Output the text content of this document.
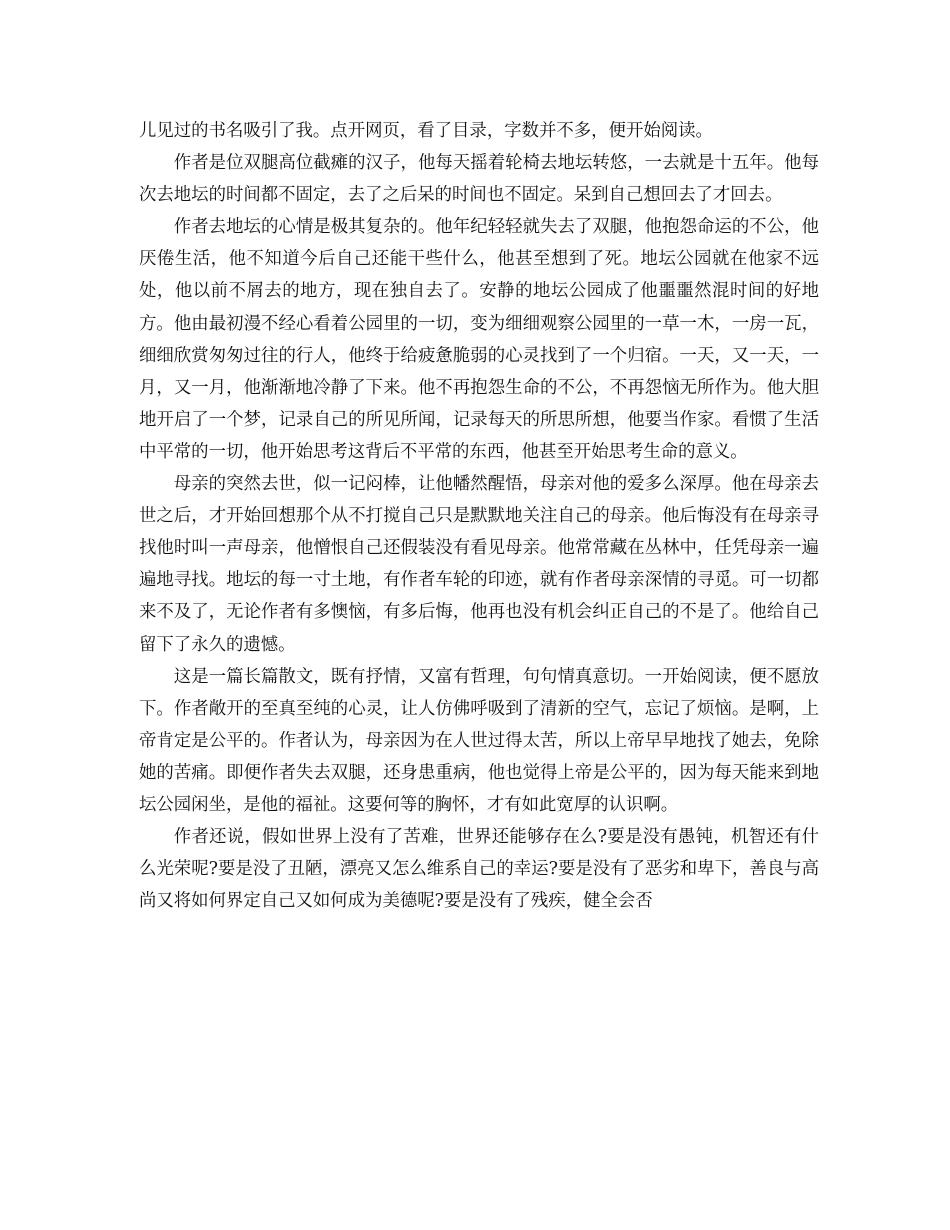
儿见过的书名吸引了我。点开网页，看了目录，字数并不多，便开始阅读。

作者是位双腿高位截瘫的汉子，他每天摇着轮椅去地坛转悠，一去就是十五年。他每次去地坛的时间都不固定，去了之后呆的时间也不固定。呆到自己想回去了才回去。

作者去地坛的心情是极其复杂的。他年纪轻轻就失去了双腿，他抱怨命运的不公，他厌倦生活，他不知道今后自己还能干些什么，他甚至想到了死。地坛公园就在他家不远处，他以前不屑去的地方，现在独自去了。安静的地坛公园成了他噩噩然混时间的好地方。他由最初漫不经心看着公园里的一切，变为细细观察公园里的一草一木，一房一瓦，细细欣赏匆匆过往的行人，他终于给疲惫脆弱的心灵找到了一个归宿。一天，又一天，一月，又一月，他渐渐地冷静了下来。他不再抱怨生命的不公，不再怨恼无所作为。他大胆地开启了一个梦，记录自己的所见所闻，记录每天的所思所想，他要当作家。看惯了生活中平常的一切，他开始思考这背后不平常的东西，他甚至开始思考生命的意义。

母亲的突然去世，似一记闷棒，让他幡然醒悟，母亲对他的爱多么深厚。他在母亲去世之后，才开始回想那个从不打搅自己只是默默地关注自己的母亲。他后悔没有在母亲寻找他时叫一声母亲，他憎恨自己还假装没有看见母亲。他常常藏在丛林中，任凭母亲一遍遍地寻找。地坛的每一寸土地，有作者车轮的印迹，就有作者母亲深情的寻觅。可一切都来不及了，无论作者有多懊恼，有多后悔，他再也没有机会纠正自己的不是了。他给自己留下了永久的遗憾。

这是一篇长篇散文，既有抒情，又富有哲理，句句情真意切。一开始阅读，便不愿放下。作者敞开的至真至纯的心灵，让人仿佛呼吸到了清新的空气，忘记了烦恼。是啊，上帝肯定是公平的。作者认为，母亲因为在人世过得太苦，所以上帝早早地找了她去，免除她的苦痛。即便作者失去双腿，还身患重病，他也觉得上帝是公平的，因为每天能来到地坛公园闲坐，是他的福祉。这要何等的胸怀，才有如此宽厚的认识啊。

作者还说，假如世界上没有了苦难，世界还能够存在么?要是没有愚钝，机智还有什么光荣呢?要是没了丑陋，漂亮又怎么维系自己的幸运?要是没有了恶劣和卑下，善良与高尚又将如何界定自己又如何成为美德呢?要是没有了残疾，健全会否
